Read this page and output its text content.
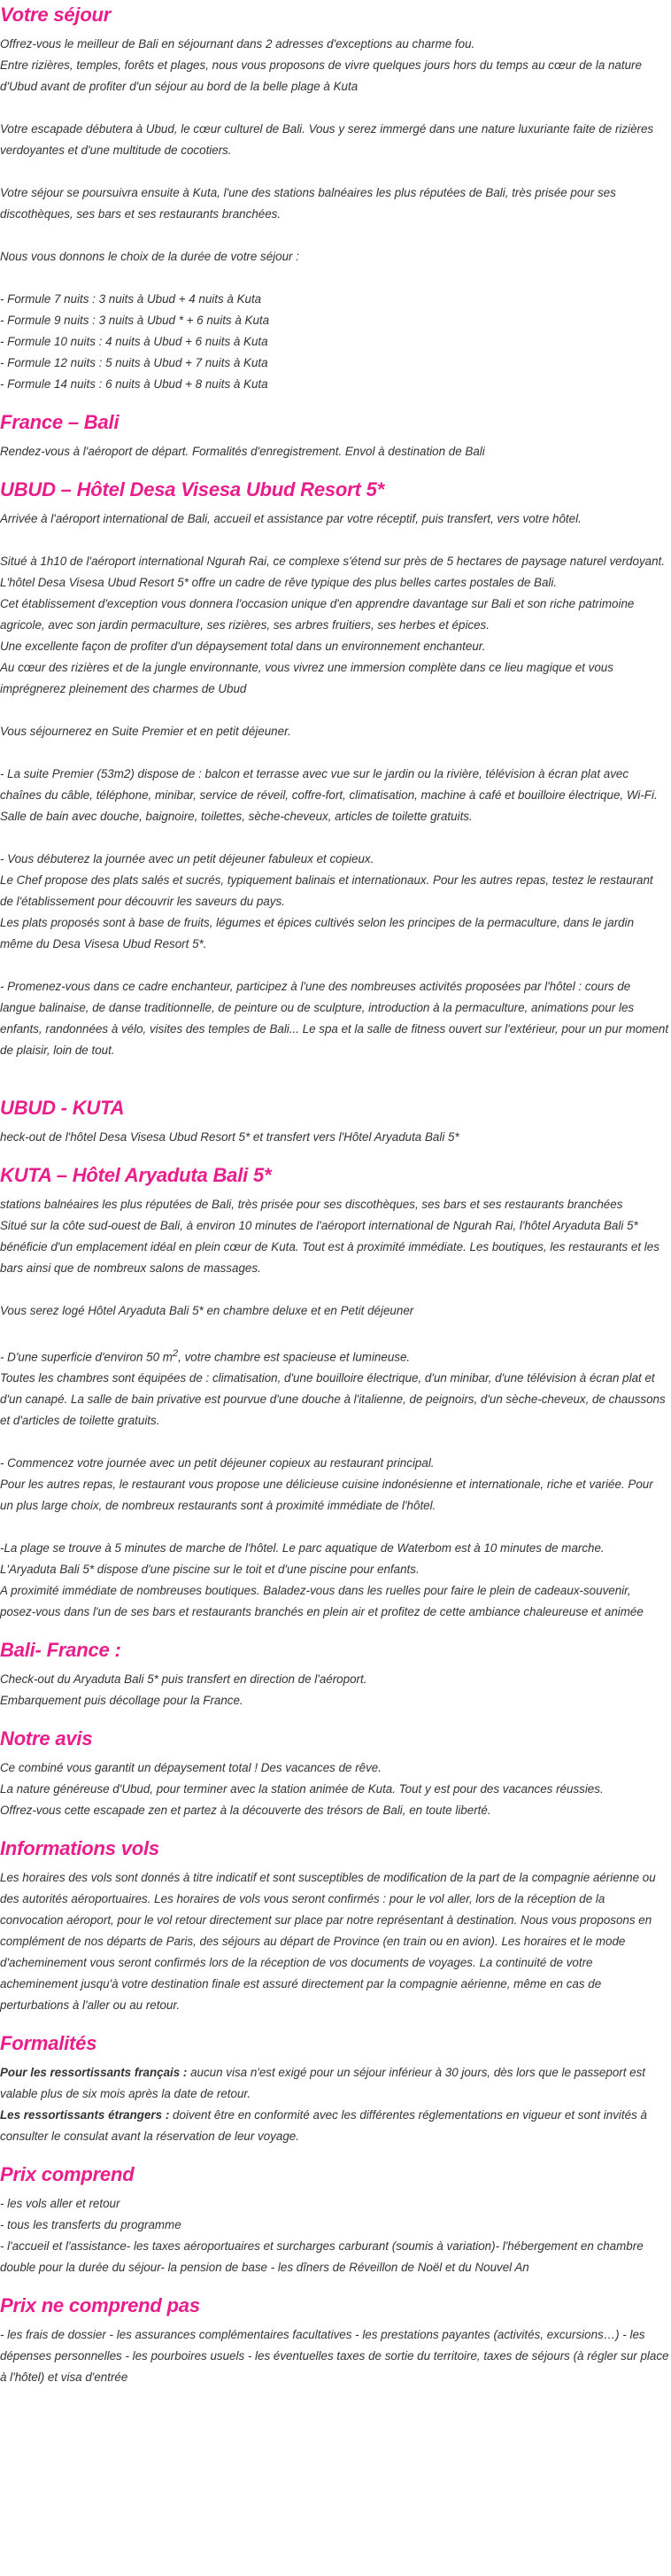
Votre séjour

Offrez-vous le meilleur de Bali en séjournant dans 2 adresses d'exceptions au charme fou.

Entre rizières, temples, forêts et plages, nous vous proposons de vivre quelques jours hors du temps au cœur de la nature d'Ubud avant de profiter d'un séjour au bord de la belle plage à Kuta

Votre escapade débutera à Ubud, le cœur culturel de Bali. Vous y serez immergé dans une nature luxuriante faite de rizières verdoyantes et d'une multitude de cocotiers.

Votre séjour se poursuivra ensuite à Kuta, l'une des stations balnéaires les plus réputées de Bali, très prisée pour ses discothèques, ses bars et ses restaurants branchées.

Nous vous donnons le choix de la durée de votre séjour :

- Formule 7 nuits : 3 nuits à Ubud + 4 nuits à Kuta

- Formule 9 nuits : 3 nuits à Ubud * + 6 nuits à Kuta

- Formule 10 nuits : 4 nuits à Ubud + 6 nuits à Kuta

- Formule 12 nuits : 5 nuits à Ubud + 7 nuits à Kuta

- Formule 14 nuits : 6 nuits à Ubud + 8 nuits à Kuta

France – Bali

Rendez-vous à l'aéroport de départ. Formalités d'enregistrement. Envol à destination de Bali

UBUD – Hôtel Desa Visesa Ubud Resort 5*

Arrivée à l'aéroport international de Bali, accueil et assistance par votre réceptif, puis transfert, vers votre hôtel.

Situé à 1h10 de l'aéroport international Ngurah Rai, ce complexe s'étend sur près de 5 hectares de paysage naturel verdoyant. L'hôtel Desa Visesa Ubud Resort 5* offre un cadre de rêve typique des plus belles cartes postales de Bali.

Cet établissement d'exception vous donnera l'occasion unique d'en apprendre davantage sur Bali et son riche patrimoine agricole, avec son jardin permaculture, ses rizières, ses arbres fruitiers, ses herbes et épices.

Une excellente façon de profiter d'un dépaysement total dans un environnement enchanteur.

Au cœur des rizières et de la jungle environnante, vous vivrez une immersion complète dans ce lieu magique et vous imprégnerez pleinement des charmes de Ubud

Vous séjournerez en Suite Premier et en petit déjeuner.

- La suite Premier (53m2) dispose de : balcon et terrasse avec vue sur le jardin ou la rivière, télévision à écran plat avec chaînes du câble, téléphone, minibar, service de réveil, coffre-fort, climatisation, machine à café et bouilloire électrique, Wi-Fi.

Salle de bain avec douche, baignoire, toilettes, sèche-cheveux, articles de toilette gratuits.

- Vous débuterez la journée avec un petit déjeuner fabuleux et copieux.

Le Chef propose des plats salés et sucrés, typiquement balinais et internationaux. Pour les autres repas, testez le restaurant de l'établissement pour découvrir les saveurs du pays.

Les plats proposés sont à base de fruits, légumes et épices cultivés selon les principes de la permaculture, dans le jardin même du Desa Visesa Ubud Resort 5*.

- Promenez-vous dans ce cadre enchanteur, participez à l'une des nombreuses activités proposées par l'hôtel : cours de langue balinaise, de danse traditionnelle, de peinture ou de sculpture, introduction à la permaculture, animations pour les enfants, randonnées à vélo, visites des temples de Bali... Le spa et la salle de fitness ouvert sur l'extérieur, pour un pur moment de plaisir, loin de tout.

UBUD - KUTA

heck-out de l'hôtel Desa Visesa Ubud Resort 5* et transfert vers l'Hôtel Aryaduta Bali 5*

KUTA – Hôtel Aryaduta Bali 5*

stations balnéaires les plus réputées de Bali, très prisée pour ses discothèques, ses bars et ses restaurants branchées

Situé sur la côte sud-ouest de Bali, à environ 10 minutes de l'aéroport international de Ngurah Rai, l'hôtel Aryaduta Bali 5* bénéficie d'un emplacement idéal en plein cœur de Kuta. Tout est à proximité immédiate. Les boutiques, les restaurants et les bars ainsi que de nombreux salons de massages.

Vous serez logé Hôtel Aryaduta Bali 5* en chambre deluxe et en Petit déjeuner

- D'une superficie d'environ 50 $m^2$, votre chambre est spacieuse et lumineuse.

Toutes les chambres sont équipées de : climatisation, d'une bouilloire électrique, d'un minibar, d'une télévision à écran plat et d'un canapé. La salle de bain privative est pourvue d'une douche à l'italienne, de peignoirs, d'un sèche-cheveux, de chaussons et d'articles de toilette gratuits.

- Commencez votre journée avec un petit déjeuner copieux au restaurant principal.

Pour les autres repas, le restaurant vous propose une délicieuse cuisine indonésienne et internationale, riche et variée. Pour un plus large choix, de nombreux restaurants sont à proximité immédiate de l'hôtel.

-La plage se trouve à 5 minutes de marche de l'hôtel. Le parc aquatique de Waterbom est à 10 minutes de marche.

L'Aryaduta Bali 5* dispose d'une piscine sur le toit et d'une piscine pour enfants.

A proximité immédiate de nombreuses boutiques. Baladez-vous dans les ruelles pour faire le plein de cadeaux-souvenir, posez-vous dans l'un de ses bars et restaurants branchés en plein air et profitez de cette ambiance chaleureuse et animée

Bali- France :

Check-out du Aryaduta Bali 5* puis transfert en direction de l'aéroport.

Embarquement puis décollage pour la France.

Notre avis

Ce combiné vous garantit un dépaysement total ! Des vacances de rêve.

La nature généreuse d'Ubud, pour terminer avec la station animée de Kuta. Tout y est pour des vacances réussies.

Offrez-vous cette escapade zen et partez à la découverte des trésors de Bali, en toute liberté.

Informations vols

Les horaires des vols sont donnés à titre indicatif et sont susceptibles de modification de la part de la compagnie aérienne ou des autorités aéroportuaires. Les horaires de vols vous seront confirmés : pour le vol aller, lors de la réception de la convocation aéroport, pour le vol retour directement sur place par notre représentant à destination. Nous vous proposons en complément de nos départs de Paris, des séjours au départ de Province (en train ou en avion). Les horaires et le mode d'acheminement vous seront confirmés lors de la réception de vos documents de voyages. La continuité de votre acheminement jusqu'à votre destination finale est assuré directement par la compagnie aérienne, même en cas de perturbations à l'aller ou au retour.

Formalités

Pour les ressortissants français : aucun visa n'est exigé pour un séjour inférieur à 30 jours, dès lors que le passeport est valable plus de six mois après la date de retour.

Les ressortissants étrangers : doivent être en conformité avec les différentes réglementations en vigueur et sont invités à consulter le consulat avant la réservation de leur voyage.

Prix comprend

- les vols aller et retour

- tous les transferts du programme

- l'accueil et l'assistance- les taxes aéroportuaires et surcharges carburant (soumis à variation)- l'hébergement en chambre double pour la durée du séjour- la pension de base - les dîners de Réveillon de Noël et du Nouvel An

Prix ne comprend pas

- les frais de dossier - les assurances complémentaires facultatives - les prestations payantes (activités, excursions…) - les dépenses personnelles - les pourboires usuels - les éventuelles taxes de sortie du territoire, taxes de séjours (à régler sur place à l'hôtel) et visa d'entrée
